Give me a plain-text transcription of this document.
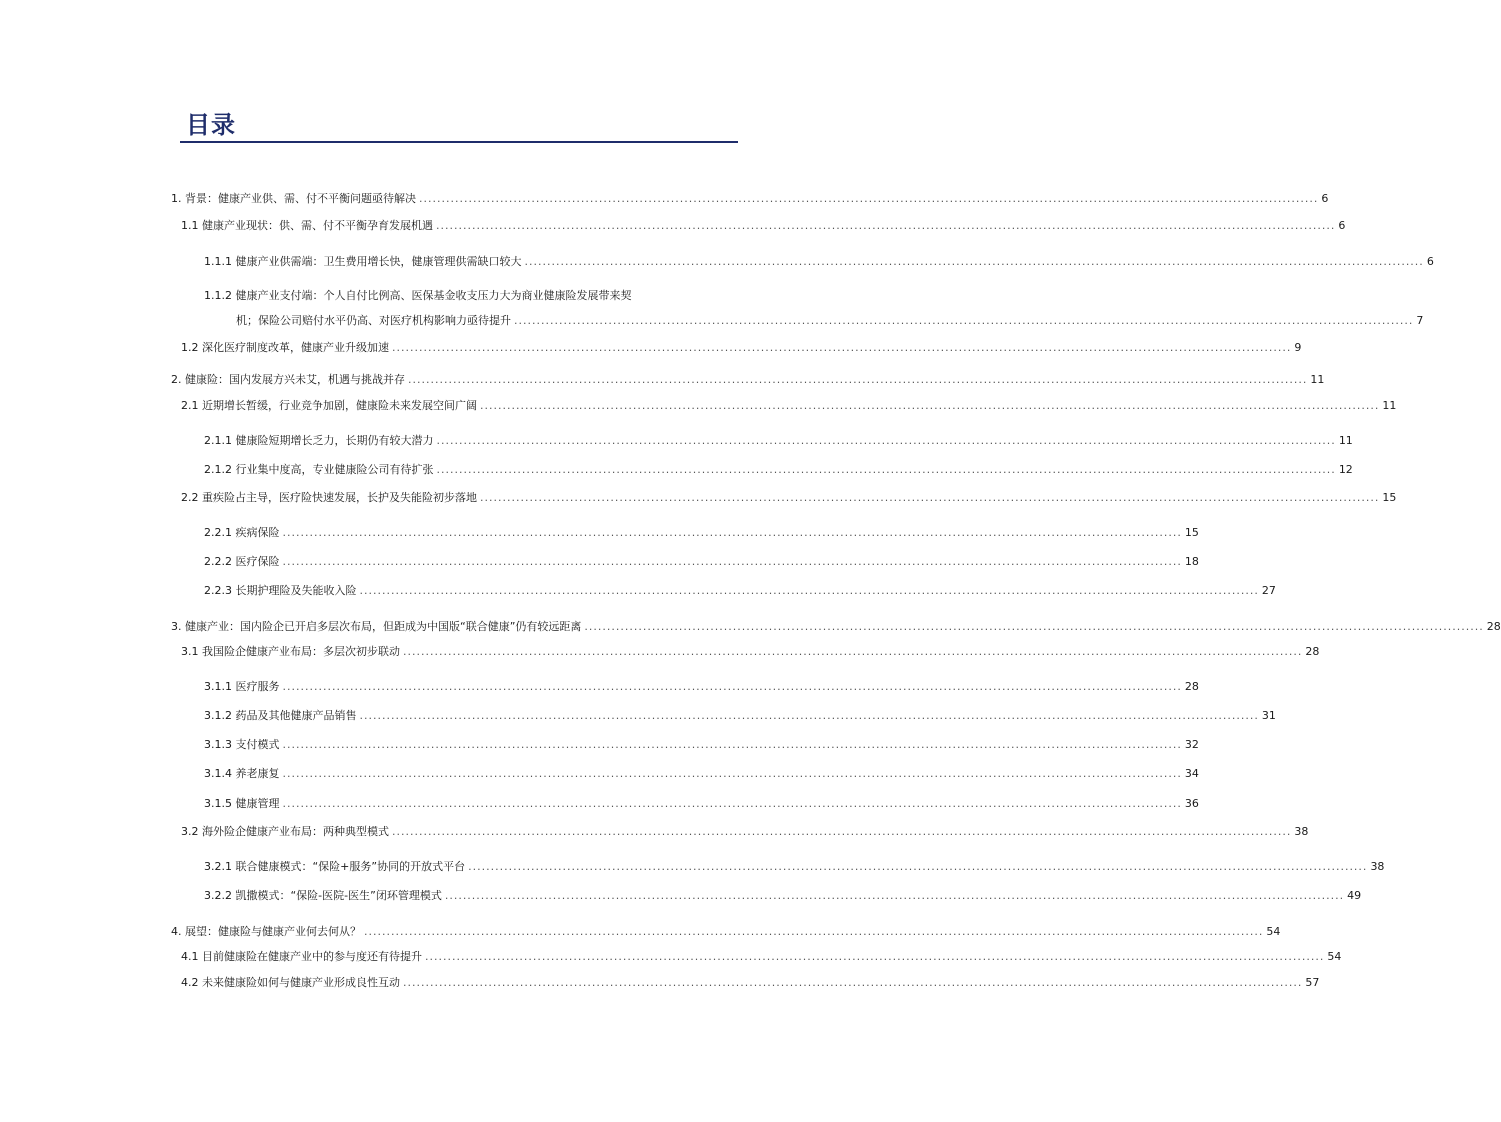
目录
1. 背景：健康产业供、需、付不平衡问题亟待解决 ........................................................................................................................................................................................................ 6
1.1 健康产业现状：供、需、付不平衡孕育发展机遇 ........................................................................................................................................................................................................ 6
1.1.1 健康产业供需端：卫生费用增长快，健康管理供需缺口较大 ........................................................................................................................................................................................................ 6
1.1.2 健康产业支付端：个人自付比例高、医保基金收支压力大为商业健康险发展带来契
机；保险公司赔付水平仍高、对医疗机构影响力亟待提升 ........................................................................................................................................................................................................ 7
1.2 深化医疗制度改革，健康产业升级加速 ........................................................................................................................................................................................................ 9
2. 健康险：国内发展方兴未艾，机遇与挑战并存 ........................................................................................................................................................................................................ 11
2.1 近期增长暂缓，行业竞争加剧，健康险未来发展空间广阔 ........................................................................................................................................................................................................ 11
2.1.1 健康险短期增长乏力，长期仍有较大潜力 ........................................................................................................................................................................................................ 11
2.1.2 行业集中度高，专业健康险公司有待扩张 ........................................................................................................................................................................................................ 12
2.2 重疾险占主导，医疗险快速发展，长护及失能险初步落地 ........................................................................................................................................................................................................ 15
2.2.1 疾病保险 ........................................................................................................................................................................................................ 15
2.2.2 医疗保险 ........................................................................................................................................................................................................ 18
2.2.3 长期护理险及失能收入险 ........................................................................................................................................................................................................ 27
3. 健康产业：国内险企已开启多层次布局，但距成为中国版“联合健康”仍有较远距离 ........................................................................................................................................................................................................ 28
3.1 我国险企健康产业布局：多层次初步联动 ........................................................................................................................................................................................................ 28
3.1.1 医疗服务 ........................................................................................................................................................................................................ 28
3.1.2 药品及其他健康产品销售 ........................................................................................................................................................................................................ 31
3.1.3 支付模式 ........................................................................................................................................................................................................ 32
3.1.4 养老康复 ........................................................................................................................................................................................................ 34
3.1.5 健康管理 ........................................................................................................................................................................................................ 36
3.2 海外险企健康产业布局：两种典型模式 ........................................................................................................................................................................................................ 38
3.2.1 联合健康模式：“保险+服务”协同的开放式平台 ........................................................................................................................................................................................................ 38
3.2.2 凯撒模式：“保险-医院-医生”闭环管理模式 ........................................................................................................................................................................................................ 49
4. 展望：健康险与健康产业何去何从？ ........................................................................................................................................................................................................ 54
4.1 目前健康险在健康产业中的参与度还有待提升 ........................................................................................................................................................................................................ 54
4.2 未来健康险如何与健康产业形成良性互动 ........................................................................................................................................................................................................ 57
